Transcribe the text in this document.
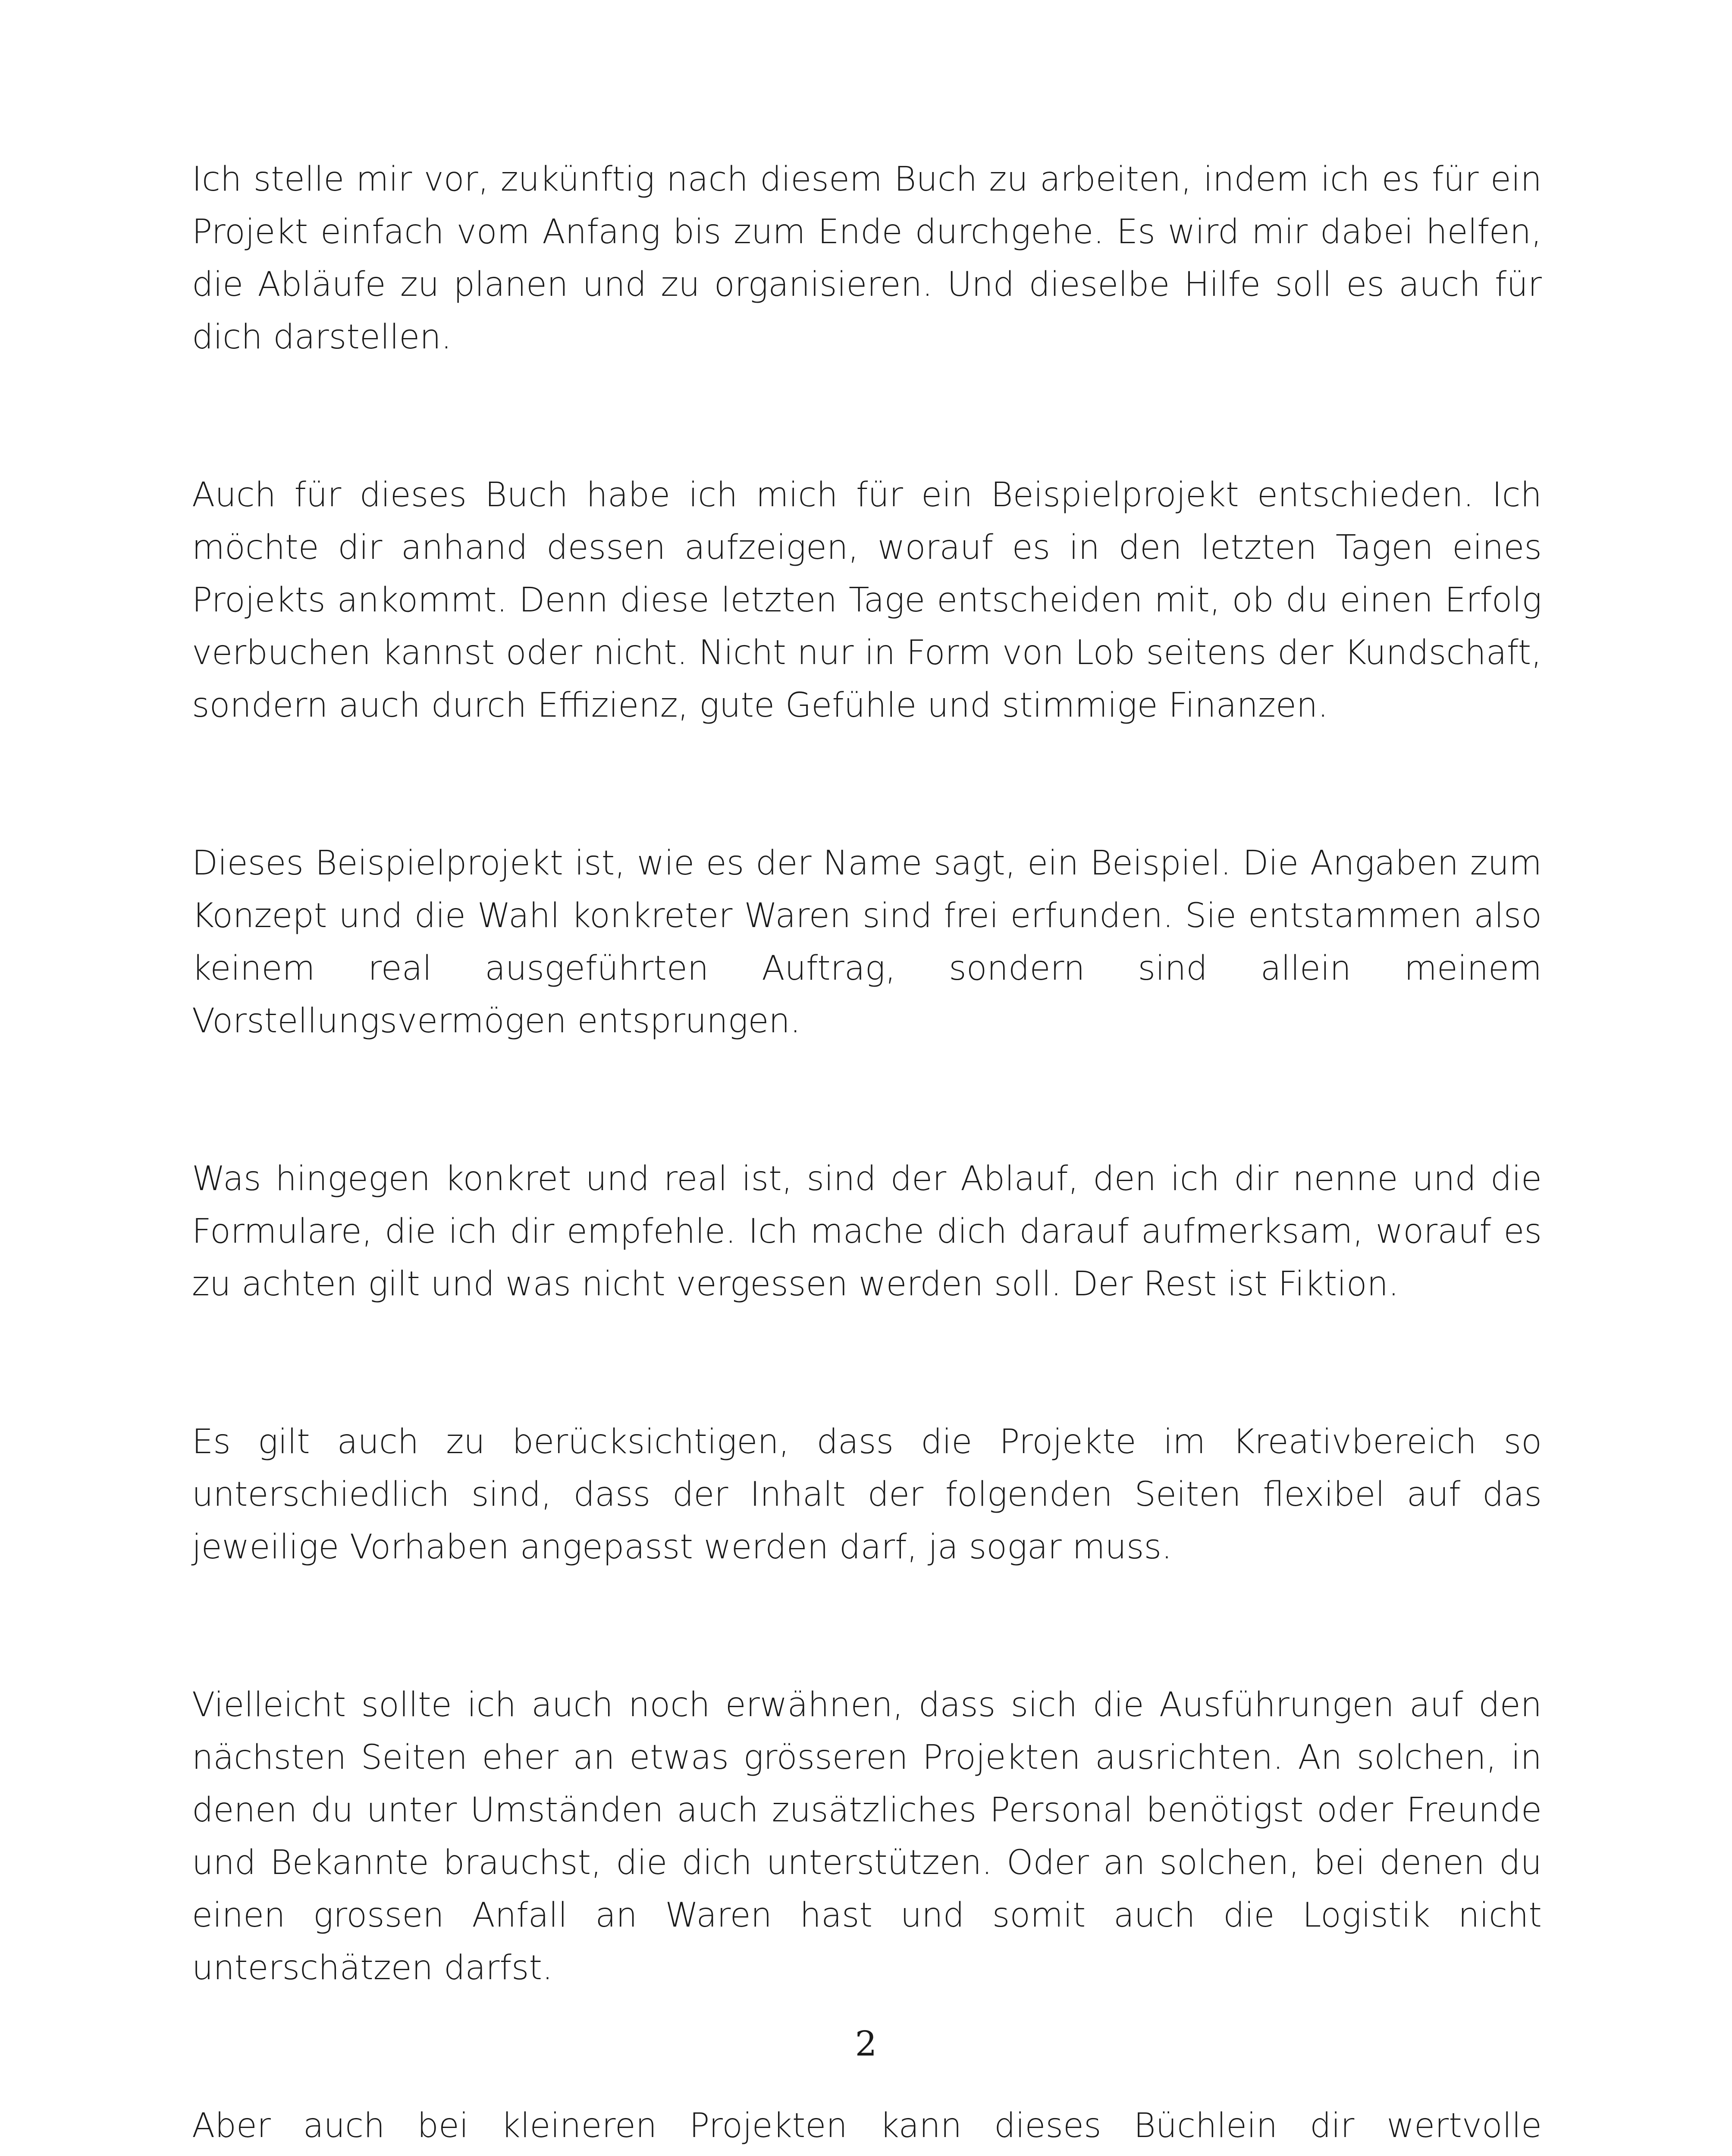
Ich stelle mir vor, zukünftig nach diesem Buch zu arbeiten, indem ich es für ein Projekt einfach vom Anfang bis zum Ende durchgehe. Es wird mir dabei helfen, die Abläufe zu planen und zu organisieren. Und dieselbe Hilfe soll es auch für dich darstellen.

Auch für dieses Buch habe ich mich für ein Beispielprojekt entschieden. Ich möchte dir anhand dessen aufzeigen, worauf es in den letzten Tagen eines Projekts ankommt. Denn diese letzten Tage entscheiden mit, ob du einen Erfolg verbuchen kannst oder nicht. Nicht nur in Form von Lob seitens der Kundschaft, sondern auch durch Effizienz, gute Gefühle und stimmige Finanzen.

Dieses Beispielprojekt ist, wie es der Name sagt, ein Beispiel. Die Angaben zum Konzept und die Wahl konkreter Waren sind frei erfunden. Sie entstammen also keinem real ausgeführten Auftrag, sondern sind allein meinem Vorstellungsvermögen entsprungen.

Was hingegen konkret und real ist, sind der Ablauf, den ich dir nenne und die Formulare, die ich dir empfehle. Ich mache dich darauf aufmerksam, worauf es zu achten gilt und was nicht vergessen werden soll. Der Rest ist Fiktion.

Es gilt auch zu berücksichtigen, dass die Projekte im Kreativbereich so unterschiedlich sind, dass der Inhalt der folgenden Seiten flexibel auf das jeweilige Vorhaben angepasst werden darf, ja sogar muss.

Vielleicht sollte ich auch noch erwähnen, dass sich die Ausführungen auf den nächsten Seiten eher an etwas grösseren Projekten ausrichten. An solchen, in denen du unter Umständen auch zusätzliches Personal benötigst oder Freunde und Bekannte brauchst, die dich unterstützen. Oder an solchen, bei denen du einen grossen Anfall an Waren hast und somit auch die Logistik nicht unterschätzen darfst.

Aber auch bei kleineren Projekten kann dieses Büchlein dir wertvolle

2
